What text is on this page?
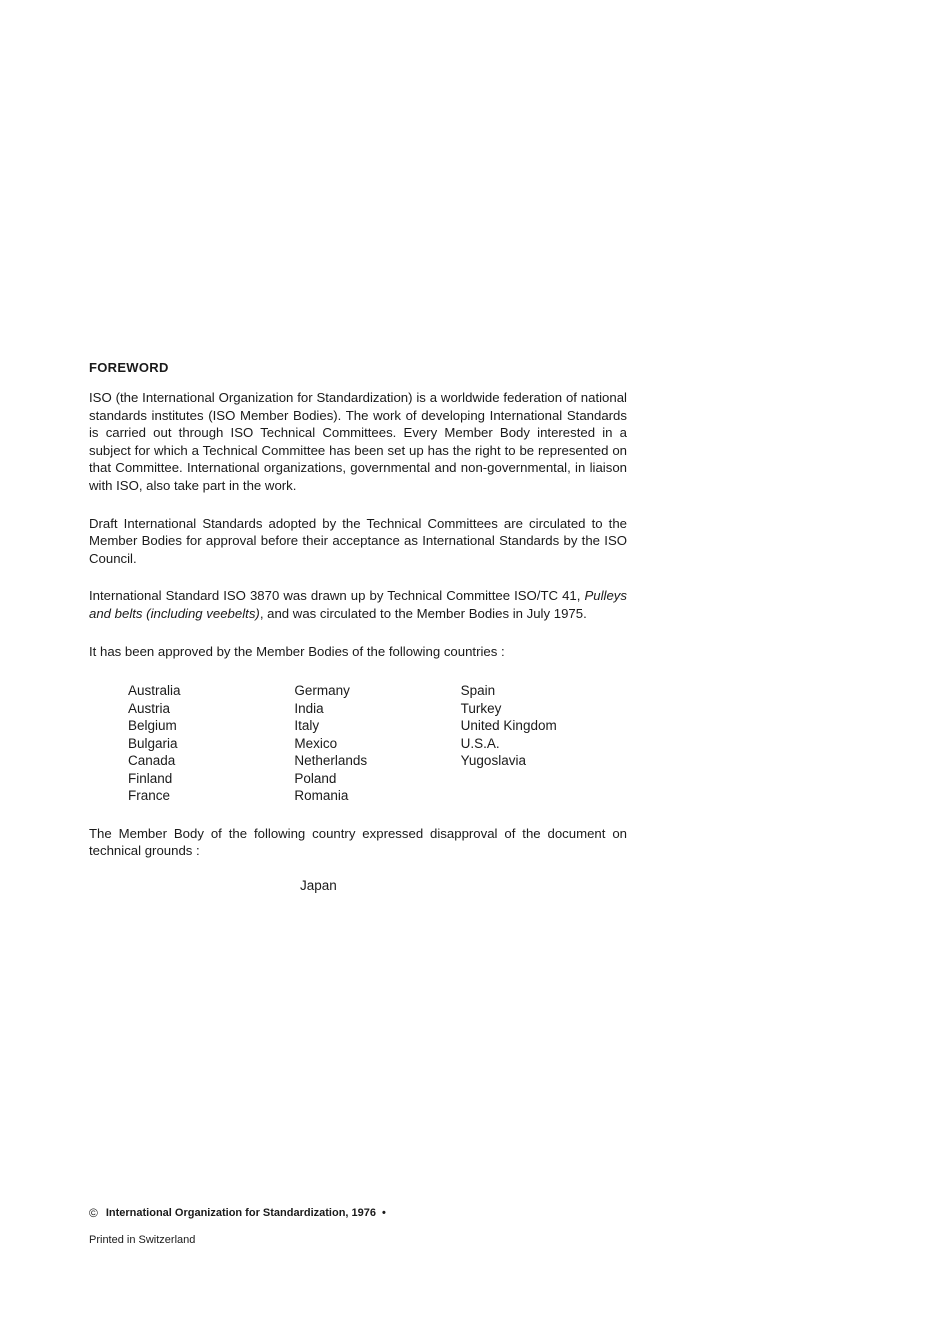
FOREWORD

ISO (the International Organization for Standardization) is a worldwide federation of national standards institutes (ISO Member Bodies). The work of developing International Standards is carried out through ISO Technical Committees. Every Member Body interested in a subject for which a Technical Committee has been set up has the right to be represented on that Committee. International organizations, governmental and non-governmental, in liaison with ISO, also take part in the work.

Draft International Standards adopted by the Technical Committees are circulated to the Member Bodies for approval before their acceptance as International Standards by the ISO Council.

International Standard ISO 3870 was drawn up by Technical Committee ISO/TC 41, Pulleys and belts (including veebelts), and was circulated to the Member Bodies in July 1975.

It has been approved by the Member Bodies of the following countries :

Australia
Austria
Belgium
Bulgaria
Canada
Finland
France
Germany
India
Italy
Mexico
Netherlands
Poland
Romania
Spain
Turkey
United Kingdom
U.S.A.
Yugoslavia

The Member Body of the following country expressed disapproval of the document on technical grounds :

Japan
© International Organization for Standardization, 1976 •
Printed in Switzerland
